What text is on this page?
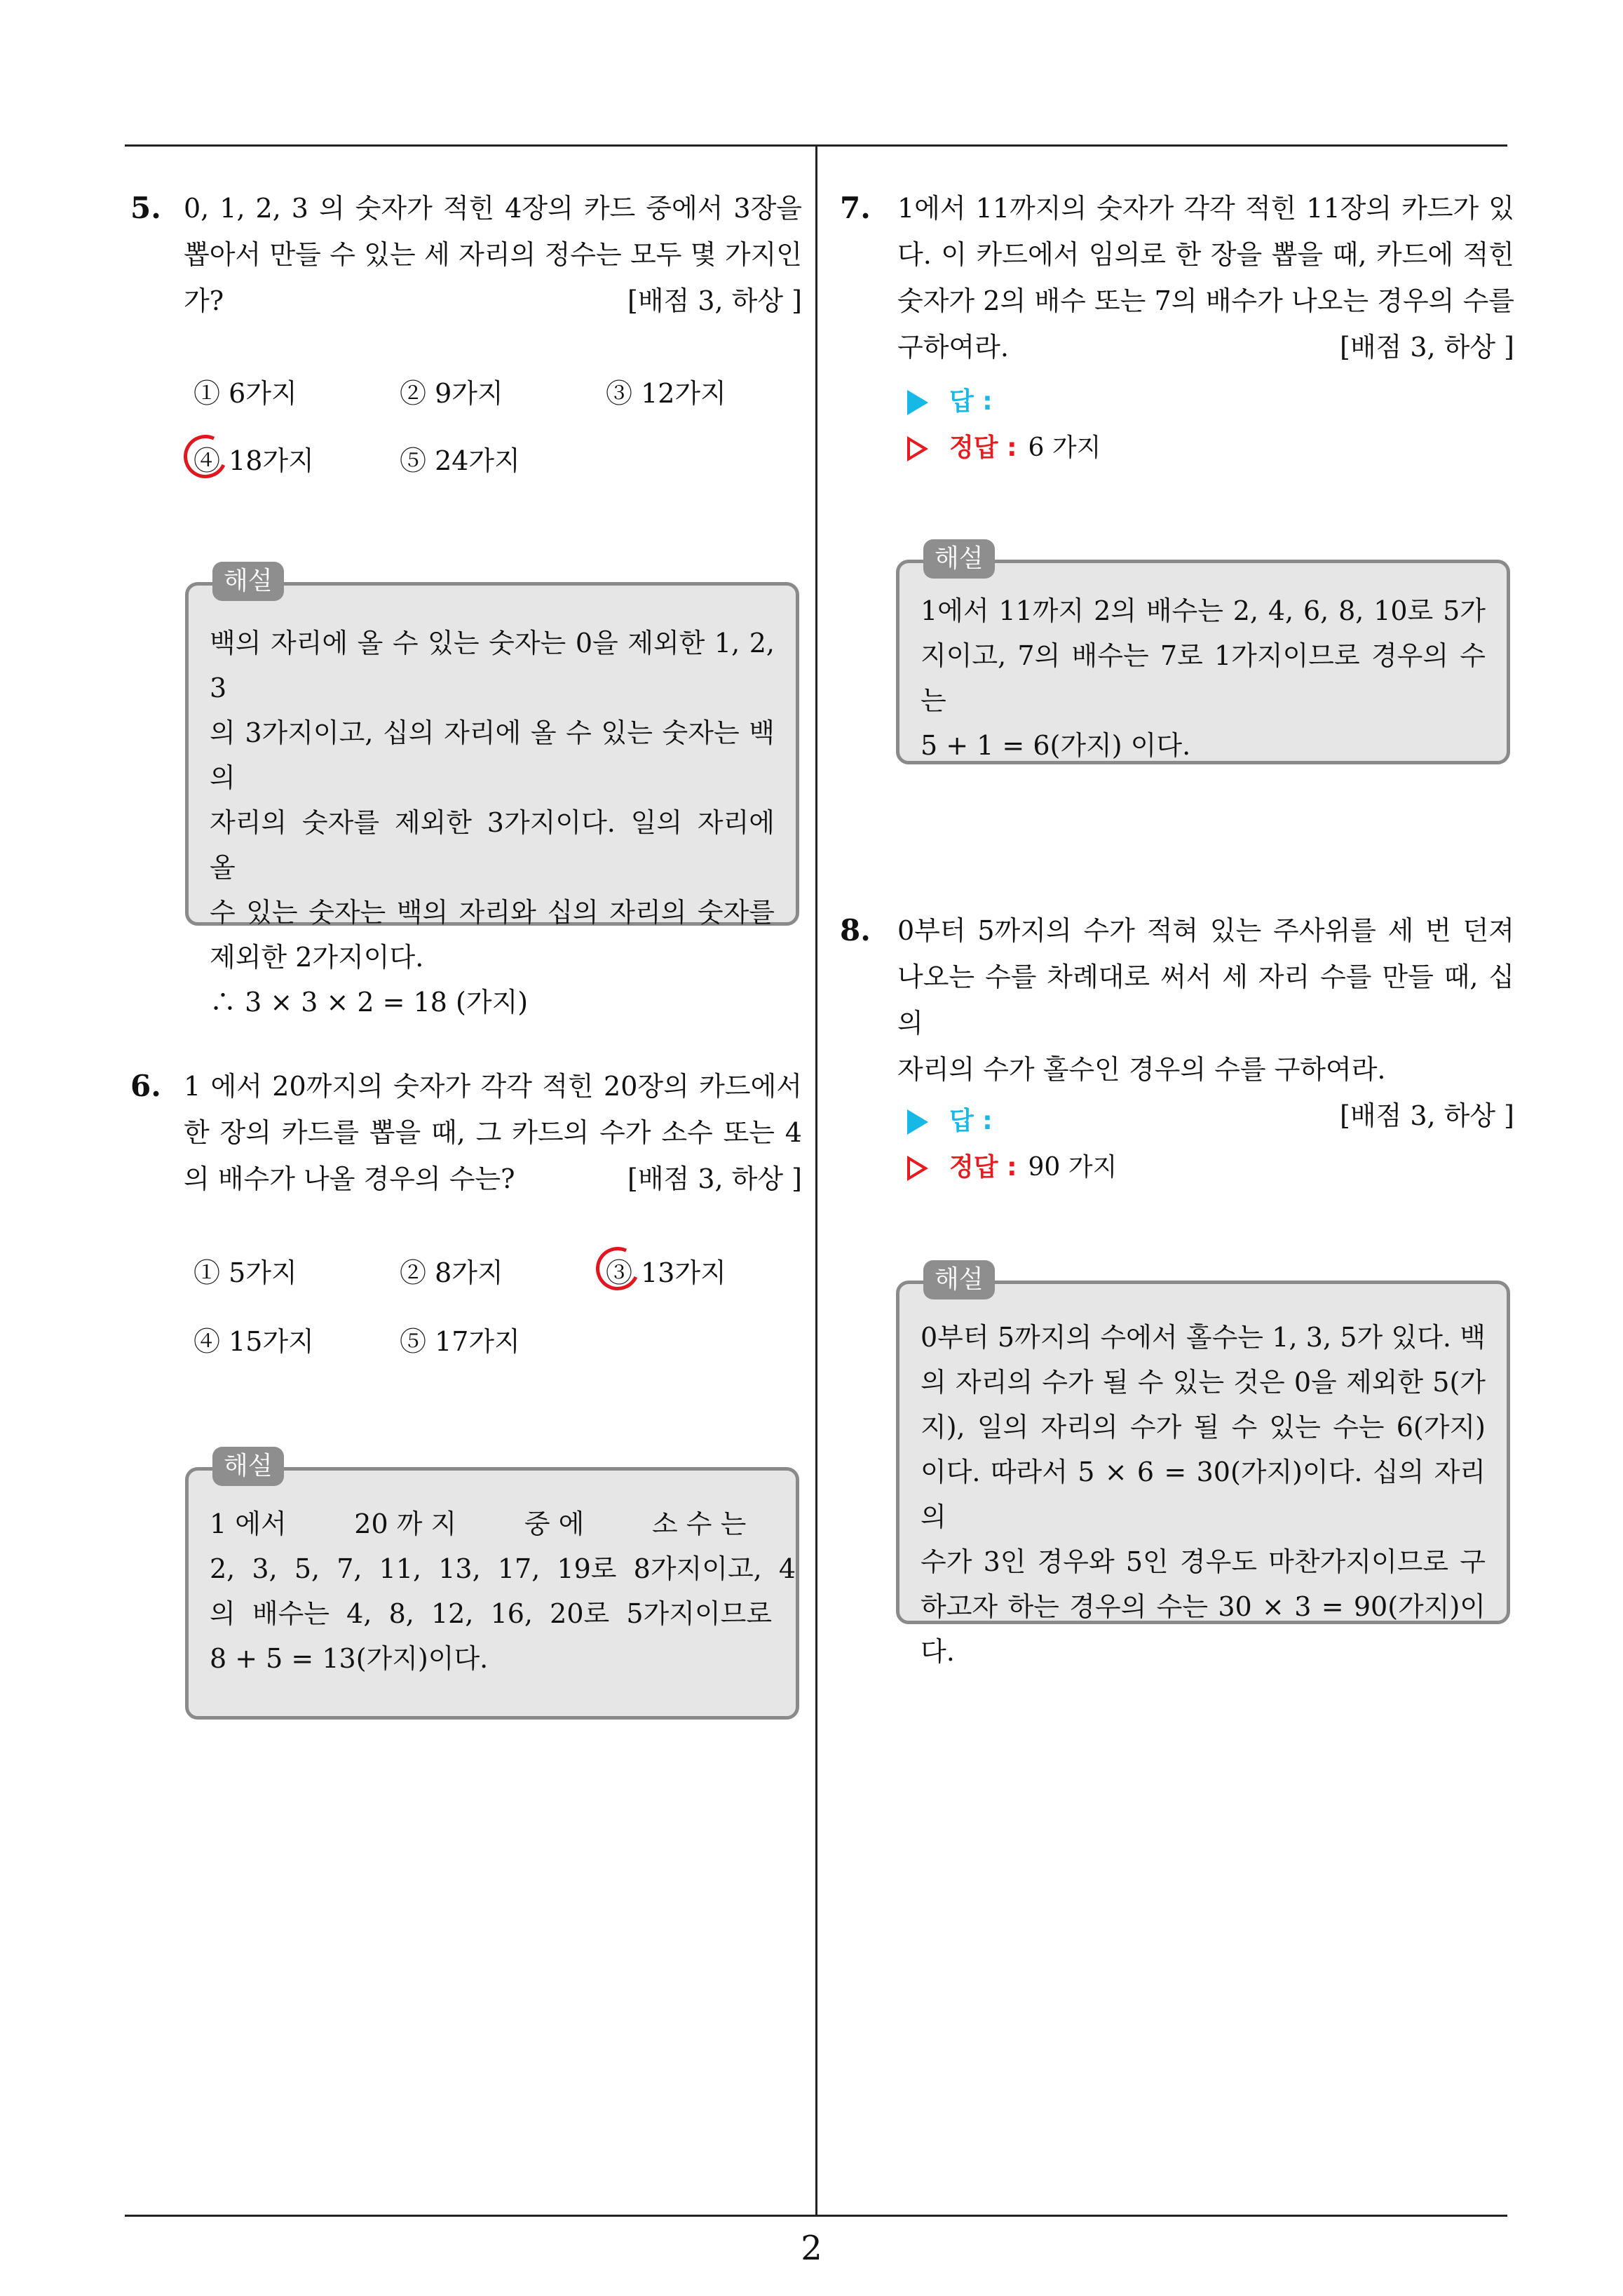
5. 0, 1, 2, 3 의 숫자가 적힌 4장의 카드 중에서 3장을

뽑아서 만들 수 있는 세 자리의 정수는 모두 몇 가지인

가?	[배점 3, 하상 ]
① 6가지	② 9가지	③ 12가지
④ 18가지	⑤ 24가지
해설

백의 자리에 올 수 있는 숫자는 0을 제외한 1, 2, 3

의 3가지이고, 십의 자리에 올 수 있는 숫자는 백의

자리의 숫자를 제외한 3가지이다. 일의 자리에 올

수 있는 숫자는 백의 자리와 십의 자리의 숫자를

제외한 2가지이다.

∴ 3 × 3 × 2 = 18 (가지)

6. 1 에서 20까지의 숫자가 각각 적힌 20장의 카드에서

한 장의 카드를 뽑을 때, 그 카드의 수가 소수 또는 4

의 배수가 나올 경우의 수는?	[배점 3, 하상 ]
① 5가지	② 8가지	③ 13가지
④ 15가지	⑤ 17가지
해설

1 에서        20 까 지        중 에        소 수 는

2,  3,  5,  7,  11,  13,  17,  19로  8가지이고,  4

의  배수는  4,  8,  12,  16,  20로  5가지이므로

8 + 5 = 13(가지)이다.

7. 1에서 11까지의 숫자가 각각 적힌 11장의 카드가 있

다. 이 카드에서 임의로 한 장을 뽑을 때, 카드에 적힌

숫자가 2의 배수 또는 7의 배수가 나오는 경우의 수를

구하여라.	[배점 3, 하상 ]
답 :
정답 : 6 가지
해설

1에서 11까지 2의 배수는 2, 4, 6, 8, 10로 5가

지이고, 7의 배수는 7로 1가지이므로 경우의 수는

5 + 1 = 6(가지) 이다.

8. 0부터 5까지의 수가 적혀 있는 주사위를 세 번 던져

나오는 수를 차례대로 써서 세 자리 수를 만들 때, 십의

자리의 수가 홀수인 경우의 수를 구하여라.

[배점 3, 하상 ]

답 :
정답 : 90 가지
해설

0부터 5까지의 수에서 홀수는 1, 3, 5가 있다. 백

의 자리의 수가 될 수 있는 것은 0을 제외한 5(가

지), 일의 자리의 수가 될 수 있는 수는 6(가지)

이다. 따라서 5 × 6 = 30(가지)이다. 십의 자리의

수가 3인 경우와 5인 경우도 마찬가지이므로 구

하고자 하는 경우의 수는 30 × 3 = 90(가지)이다.

2
